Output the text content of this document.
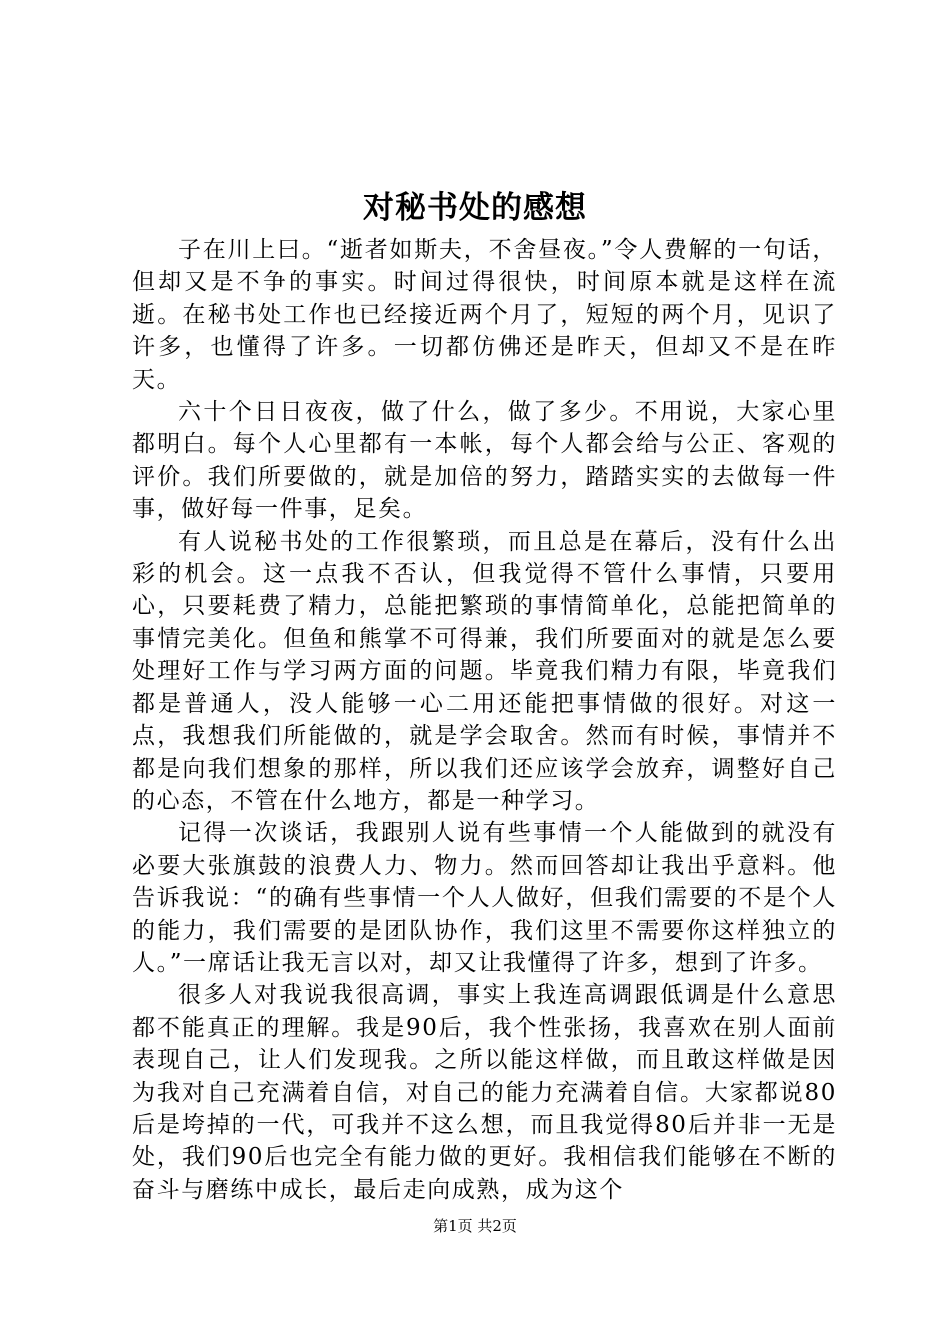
对秘书处的感想

子在川上曰。“逝者如斯夫，不舍昼夜。”令人费解的一句话，但却又是不争的事实。时间过得很快，时间原本就是这样在流逝。在秘书处工作也已经接近两个月了，短短的两个月，见识了许多，也懂得了许多。一切都仿佛还是昨天，但却又不是在昨天。

六十个日日夜夜，做了什么，做了多少。不用说，大家心里都明白。每个人心里都有一本帐，每个人都会给与公正、客观的评价。我们所要做的，就是加倍的努力，踏踏实实的去做每一件事，做好每一件事，足矣。

有人说秘书处的工作很繁琐，而且总是在幕后，没有什么出彩的机会。这一点我不否认，但我觉得不管什么事情，只要用心，只要耗费了精力，总能把繁琐的事情简单化，总能把简单的事情完美化。但鱼和熊掌不可得兼，我们所要面对的就是怎么要处理好工作与学习两方面的问题。毕竟我们精力有限，毕竟我们都是普通人，没人能够一心二用还能把事情做的很好。对这一点，我想我们所能做的，就是学会取舍。然而有时候，事情并不都是向我们想象的那样，所以我们还应该学会放弃，调整好自己的心态，不管在什么地方，都是一种学习。

记得一次谈话，我跟别人说有些事情一个人能做到的就没有必要大张旗鼓的浪费人力、物力。然而回答却让我出乎意料。他告诉我说：“的确有些事情一个人人做好，但我们需要的不是个人的能力，我们需要的是团队协作，我们这里不需要你这样独立的人。”一席话让我无言以对，却又让我懂得了许多，想到了许多。

很多人对我说我很高调，事实上我连高调跟低调是什么意思都不能真正的理解。我是90后，我个性张扬，我喜欢在别人面前表现自己，让人们发现我。之所以能这样做，而且敢这样做是因为我对自己充满着自信，对自己的能力充满着自信。大家都说80后是垮掉的一代，可我并不这么想，而且我觉得80后并非一无是处，我们90后也完全有能力做的更好。我相信我们能够在不断的奋斗与磨练中成长，最后走向成熟，成为这个

第1页 共2页
